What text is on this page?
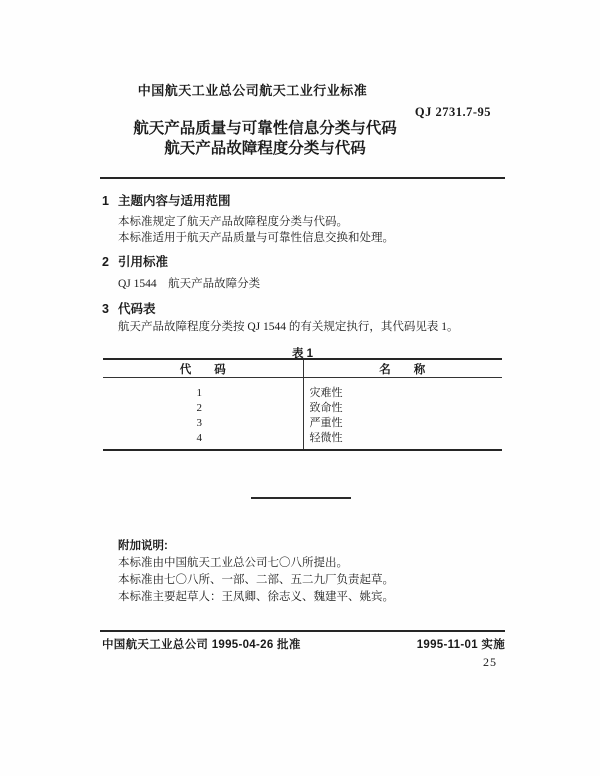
中国航天工业总公司航天工业行业标准
QJ 2731.7-95
航天产品质量与可靠性信息分类与代码
航天产品故障程度分类与代码
1 主题内容与适用范围
本标准规定了航天产品故障程度分类与代码。
本标准适用于航天产品质量与可靠性信息交换和处理。
2 引用标准
QJ 1544　航天产品故障分类
3 代码表
航天产品故障程度分类按 QJ 1544 的有关规定执行，其代码见表 1。
表 1
代　　码	名　　称
1	灾难性
2	致命性
3	严重性
4	轻微性
附加说明:
本标准由中国航天工业总公司七〇八所提出。
本标准由七〇八所、一部、二部、五二九厂负责起草。
本标准主要起草人：王凤卿、徐志义、魏建平、姚宾。
中国航天工业总公司 1995-04-26 批准	1995-11-01 实施
25
